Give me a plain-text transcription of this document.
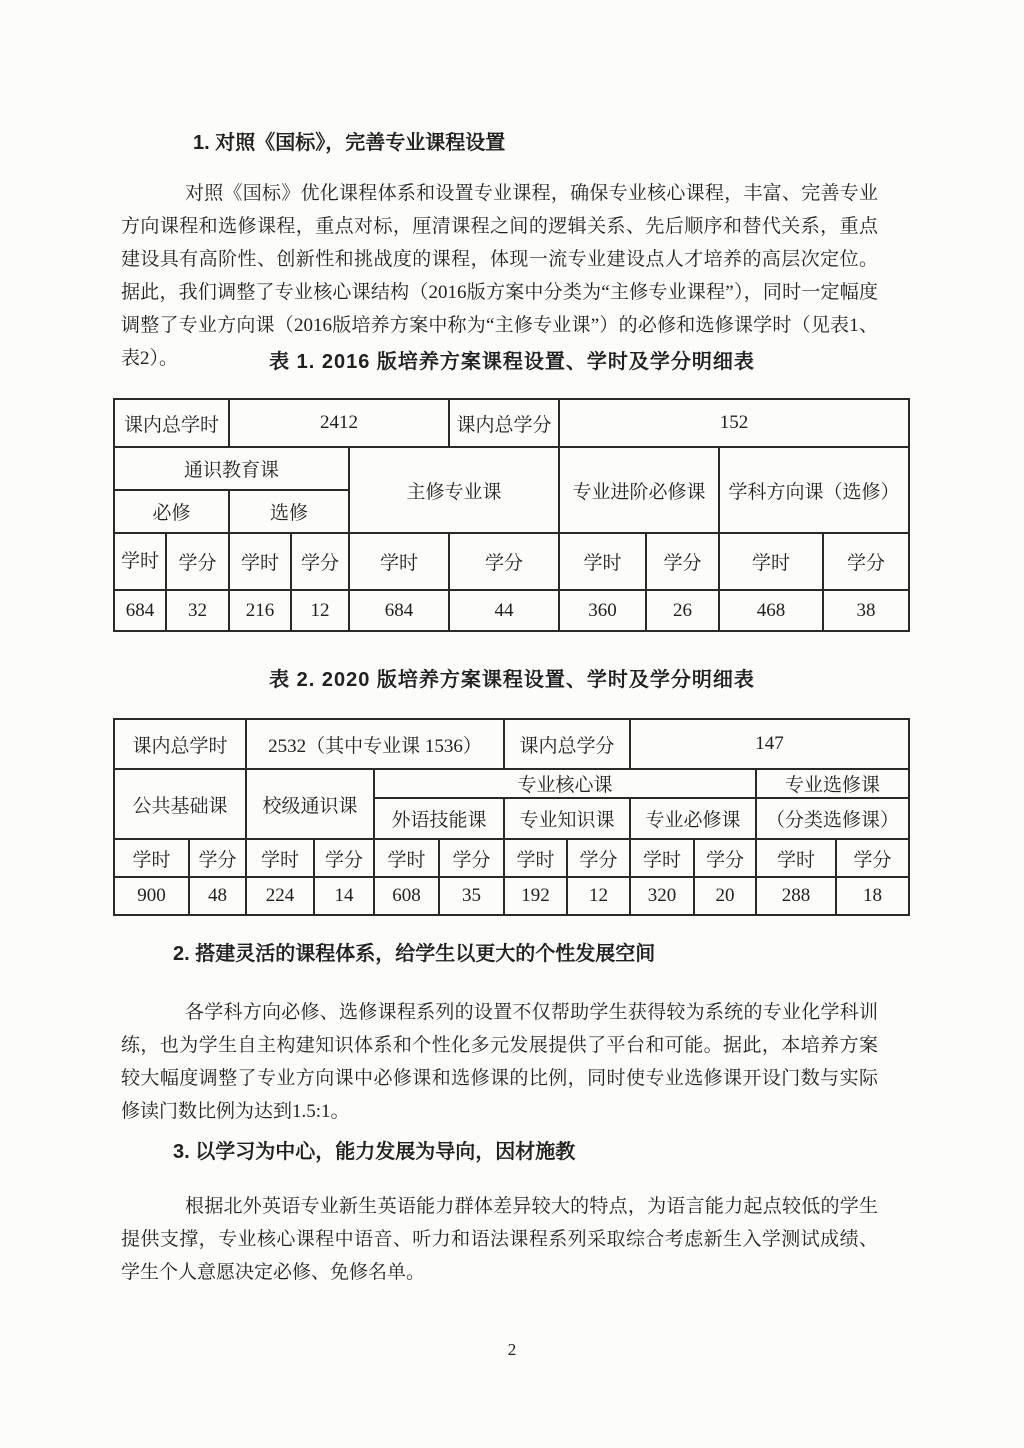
1. 对照《国标》，完善专业课程设置
对照《国标》优化课程体系和设置专业课程，确保专业核心课程，丰富、完善专业方向课程和选修课程，重点对标，厘清课程之间的逻辑关系、先后顺序和替代关系，重点建设具有高阶性、创新性和挑战度的课程，体现一流专业建设点人才培养的高层次定位。据此，我们调整了专业核心课结构（2016版方案中分类为“主修专业课程”），同时一定幅度调整了专业方向课（2016版培养方案中称为“主修专业课”）的必修和选修课学时（见表1、表2）。	表 1. 2016 版培养方案课程设置、学时及学分明细表
课内总学时		2412			课内总学分	152			
通识教育课				主修专业课		专业进阶必修课		学科方向课（选修）	
必修		选修							
学时	学分	学时	学分	学时	学分	学时	学分	学时	学分
684	32	216	12	684	44	360	26	468	38
表 2. 2020 版培养方案课程设置、学时及学分明细表
课内总学时		2532（其中专业课 1536）				课内总学分		147			
公共基础课		校级通识课		专业核心课						专业选修课	
				外语技能课		专业知识课		专业必修课		（分类选修课）	
学时	学分	学时	学分	学时	学分	学时	学分	学时	学分	学时	学分
900	48	224	14	608	35	192	12	320	20	288	18
2. 搭建灵活的课程体系，给学生以更大的个性发展空间
各学科方向必修、选修课程系列的设置不仅帮助学生获得较为系统的专业化学科训练，也为学生自主构建知识体系和个性化多元发展提供了平台和可能。据此，本培养方案较大幅度调整了专业方向课中必修课和选修课的比例，同时使专业选修课开设门数与实际修读门数比例为达到1.5:1。
3. 以学习为中心，能力发展为导向，因材施教
根据北外英语专业新生英语能力群体差异较大的特点，为语言能力起点较低的学生提供支撑，专业核心课程中语音、听力和语法课程系列采取综合考虑新生入学测试成绩、学生个人意愿决定必修、免修名单。
2
